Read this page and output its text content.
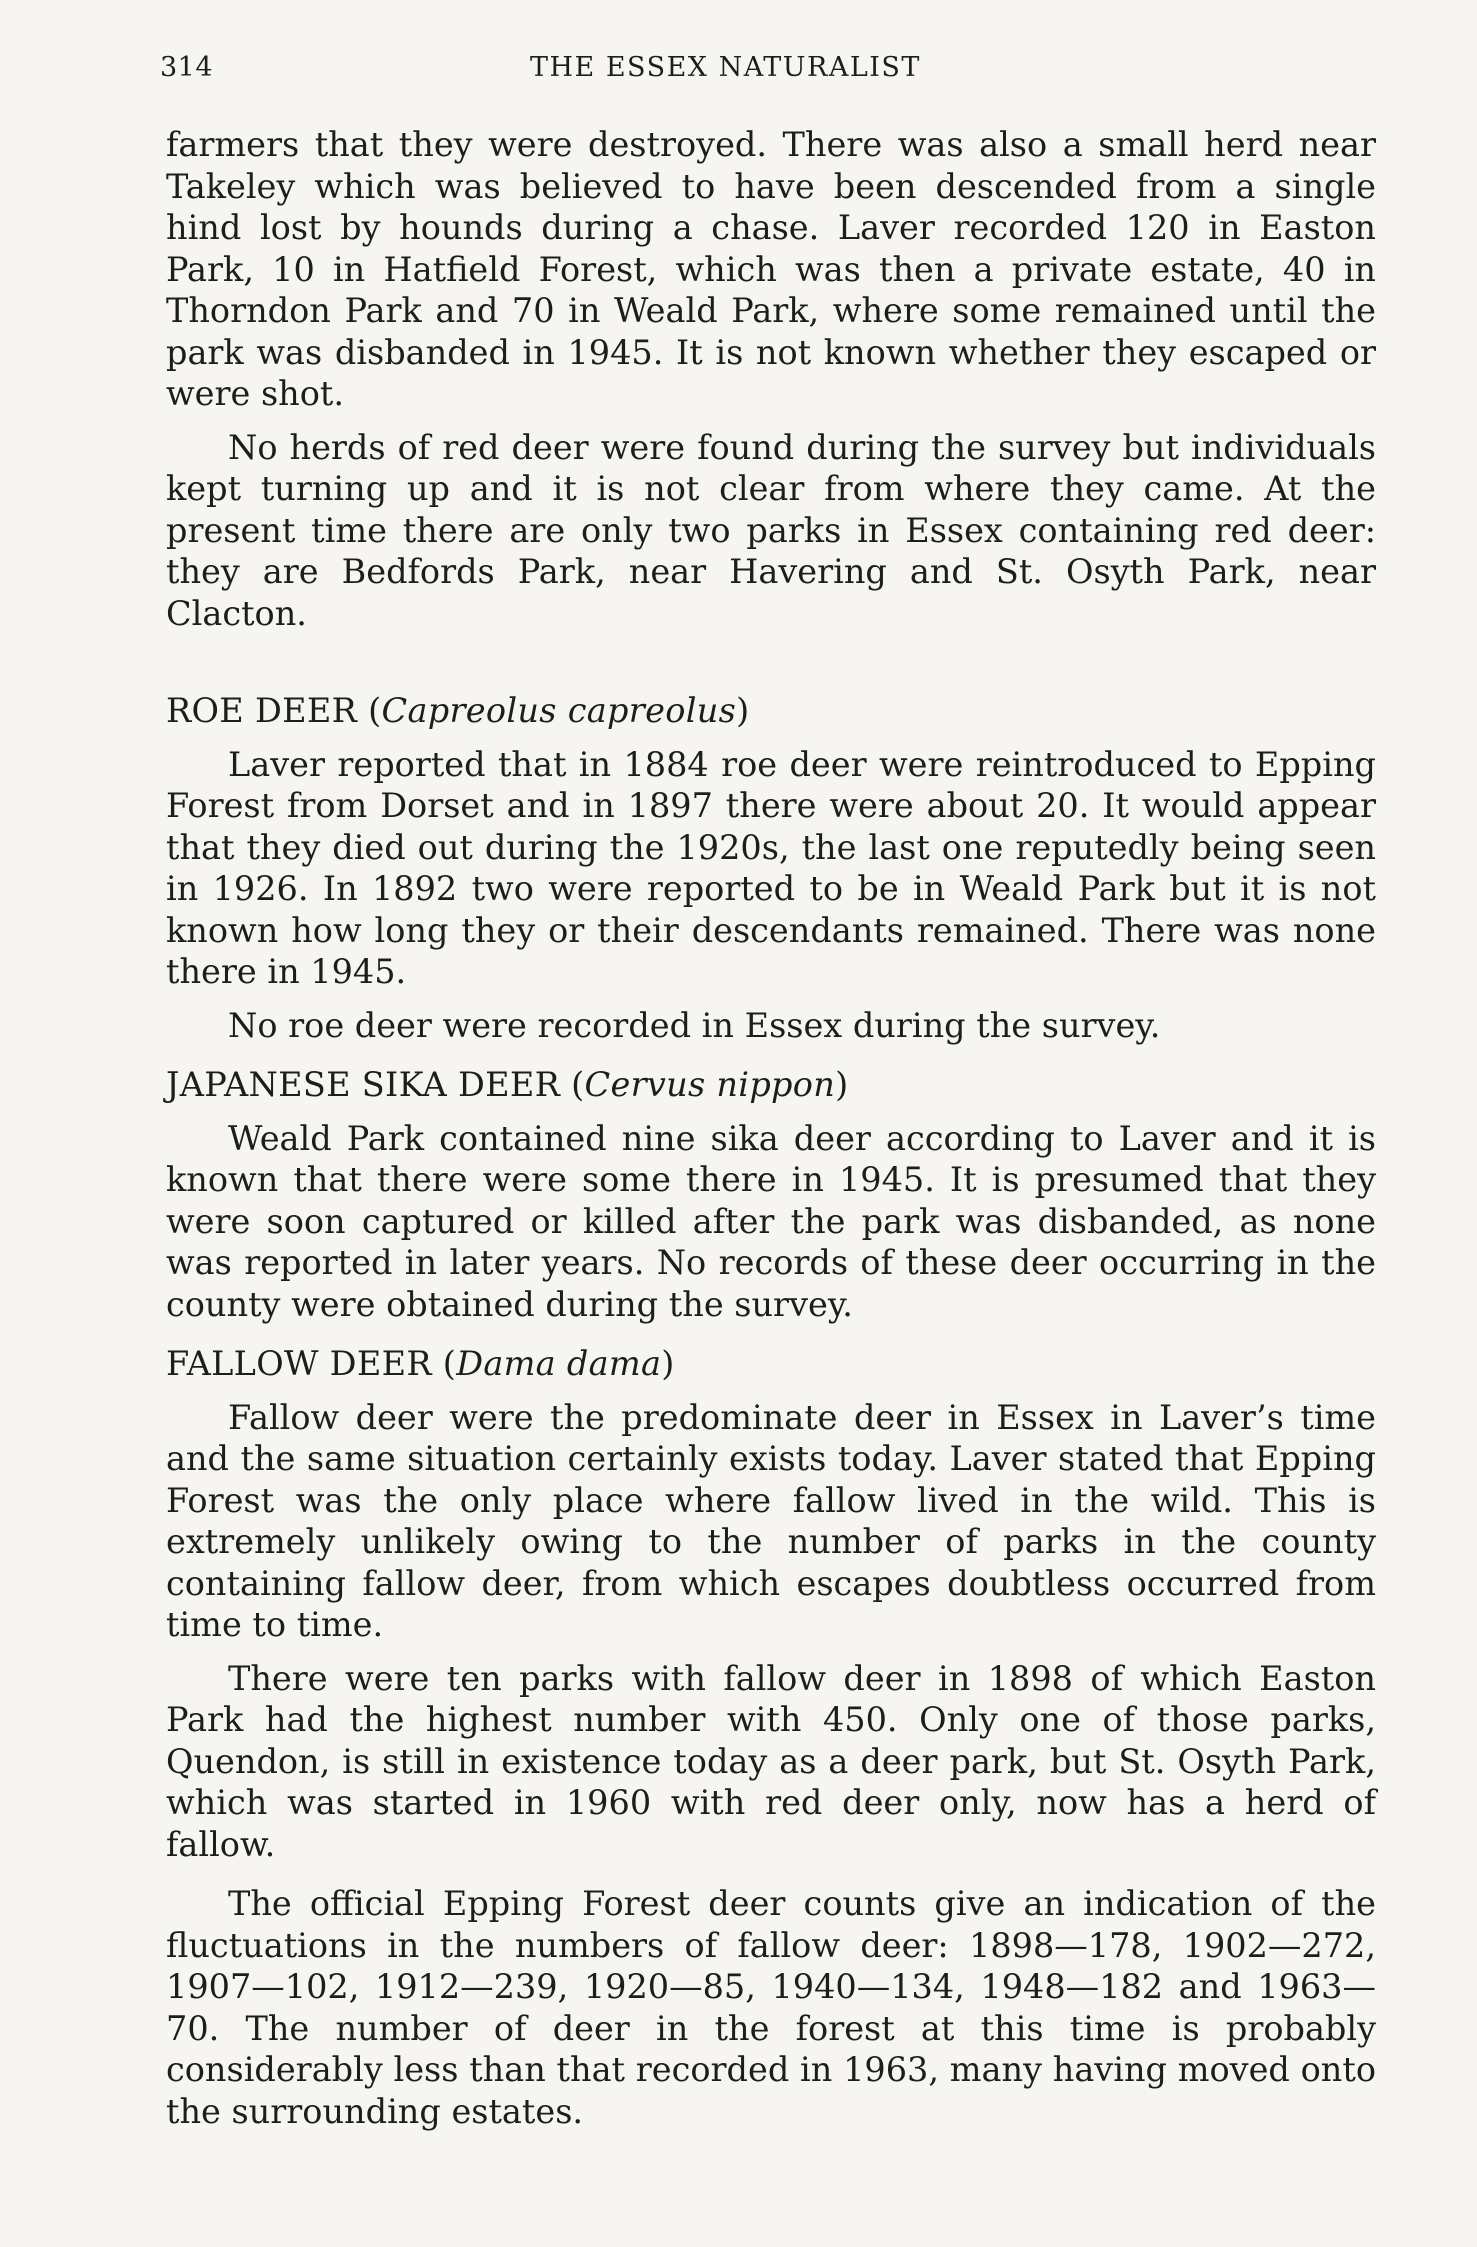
314	THE ESSEX NATURALIST

farmers that they were destroyed. There was also a small herd near Takeley which was believed to have been descended from a single hind lost by hounds during a chase. Laver recorded 120 in Easton Park, 10 in Hatfield Forest, which was then a private estate, 40 in Thorndon Park and 70 in Weald Park, where some remained until the park was disbanded in 1945. It is not known whether they escaped or were shot.

No herds of red deer were found during the survey but individuals kept turning up and it is not clear from where they came. At the present time there are only two parks in Essex containing red deer: they are Bedfords Park, near Havering and St. Osyth Park, near Clacton.

ROE DEER (Capreolus capreolus)

Laver reported that in 1884 roe deer were reintroduced to Epping Forest from Dorset and in 1897 there were about 20. It would appear that they died out during the 1920s, the last one reputedly being seen in 1926. In 1892 two were reported to be in Weald Park but it is not known how long they or their descendants remained. There was none there in 1945.

No roe deer were recorded in Essex during the survey.

JAPANESE SIKA DEER (Cervus nippon)

Weald Park contained nine sika deer according to Laver and it is known that there were some there in 1945. It is presumed that they were soon captured or killed after the park was disbanded, as none was reported in later years. No records of these deer occurring in the county were obtained during the survey.

FALLOW DEER (Dama dama)

Fallow deer were the predominate deer in Essex in Laver’s time and the same situation certainly exists today. Laver stated that Epping Forest was the only place where fallow lived in the wild. This is extremely unlikely owing to the number of parks in the county containing fallow deer, from which escapes doubtless occurred from time to time.

There were ten parks with fallow deer in 1898 of which Easton Park had the highest number with 450. Only one of those parks, Quendon, is still in existence today as a deer park, but St. Osyth Park, which was started in 1960 with red deer only, now has a herd of fallow.

The official Epping Forest deer counts give an indication of the fluctuations in the numbers of fallow deer: 1898—178, 1902—272, 1907—102, 1912—239, 1920—85, 1940—134, 1948—182 and 1963—70. The number of deer in the forest at this time is probably considerably less than that recorded in 1963, many having moved onto the surrounding estates.
